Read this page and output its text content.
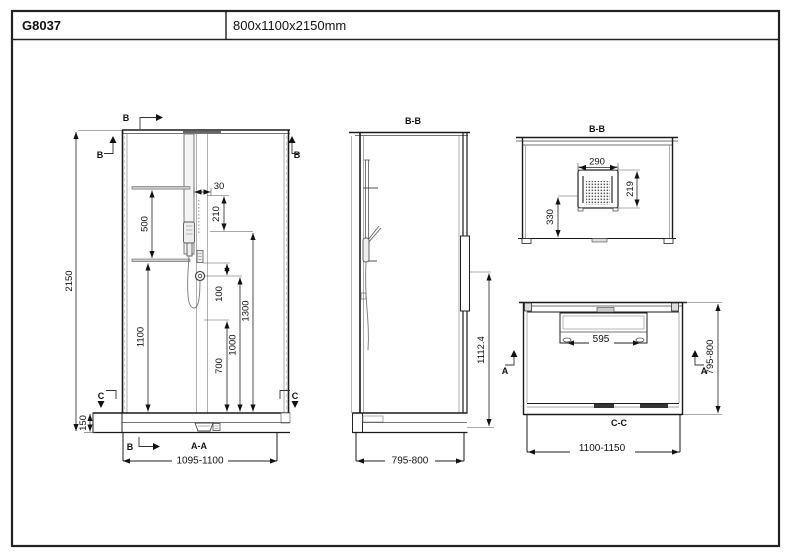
G8037	800x1100x2150mm
2150
150
500
1100
30
210
1300
100
1000
700
1095-1100
B
B	B
C	C
B	A-A
B-B
1112.4
795-800
B-B
290
219
330
595
795-800
1100-1150
C-C
A	A
